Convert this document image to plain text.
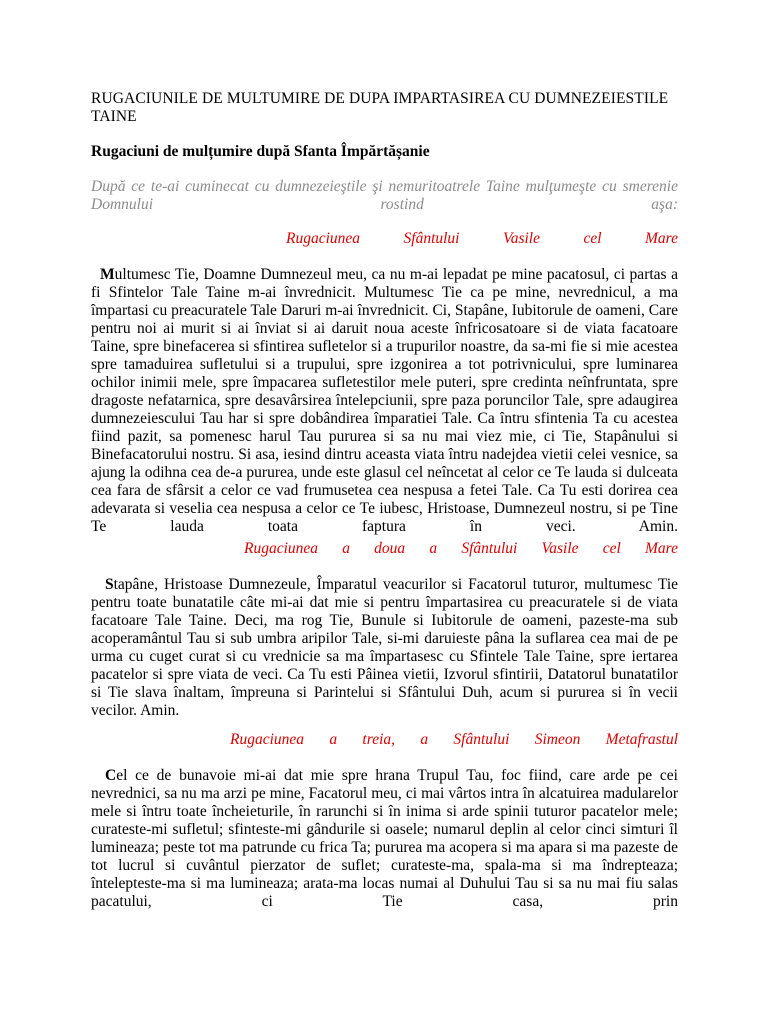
RUGACIUNILE DE MULTUMIRE DE DUPA IMPARTASIREA CU DUMNEZEIESTILE TAINE
Rugaciuni de mulțumire după Sfanta Împărtășanie

După ce te-ai cuminecat cu dumnezeieştile şi nemuritoatrele Taine mulţumeşte cu smerenie Domnului rostind aşa:

Rugaciunea Sfântului Vasile cel Mare

Multumesc Tie, Doamne Dumnezeul meu, ca nu m-ai lepadat pe mine pacatosul, ci partas a fi Sfintelor Tale Taine m-ai învrednicit. Multumesc Tie ca pe mine, nevrednicul, a ma împartasi cu preacuratele Tale Daruri m-ai învrednicit. Ci, Stapâne, Iubitorule de oameni, Care pentru noi ai murit si ai înviat si ai daruit noua aceste înfricosatoare si de viata facatoare Taine, spre binefacerea si sfintirea sufletelor si a trupurilor noastre, da sa-mi fie si mie acestea spre tamaduirea sufletului si a trupului, spre izgonirea a tot potrivnicului, spre luminarea ochilor inimii mele, spre împacarea sufletestilor mele puteri, spre credinta neînfruntata, spre dragoste nefatarnica, spre desavârsirea întelepciunii, spre paza poruncilor Tale, spre adaugirea dumnezeiescului Tau har si spre dobândirea împaratiei Tale. Ca întru sfintenia Ta cu acestea fiind pazit, sa pomenesc harul Tau pururea si sa nu mai viez mie, ci Tie, Stapânului si Binefacatorului nostru. Si asa, iesind dintru aceasta viata întru nadejdea vietii celei vesnice, sa ajung la odihna cea de-a pururea, unde este glasul cel neîncetat al celor ce Te lauda si dulceata cea fara de sfârsit a celor ce vad frumusetea cea nespusa a fetei Tale. Ca Tu esti dorirea cea adevarata si veselia cea nespusa a celor ce Te iubesc, Hristoase, Dumnezeul nostru, si pe Tine Te lauda toata faptura în veci. Amin.

Rugaciunea a doua a Sfântului Vasile cel Mare

Stapâne, Hristoase Dumnezeule, Împaratul veacurilor si Facatorul tuturor, multumesc Tie pentru toate bunatatile câte mi-ai dat mie si pentru împartasirea cu preacuratele si de viata facatoare Tale Taine. Deci, ma rog Tie, Bunule si Iubitorule de oameni, pazeste-ma sub acoperamântul Tau si sub umbra aripilor Tale, si-mi daruieste pâna la suflarea cea mai de pe urma cu cuget curat si cu vrednicie sa ma împartasesc cu Sfintele Tale Taine, spre iertarea pacatelor si spre viata de veci. Ca Tu esti Pâinea vietii, Izvorul sfintirii, Datatorul bunatatilor si Tie slava înaltam, împreuna si Parintelui si Sfântului Duh, acum si pururea si în vecii vecilor. Amin.

Rugaciunea a treia, a Sfântului Simeon Metafrastul

Cel ce de bunavoie mi-ai dat mie spre hrana Trupul Tau, foc fiind, care arde pe cei nevrednici, sa nu ma arzi pe mine, Facatorul meu, ci mai vârtos intra în alcatuirea madularelor mele si întru toate încheieturile, în rarunchi si în inima si arde spinii tuturor pacatelor mele; curateste-mi sufletul; sfinteste-mi gândurile si oasele; numarul deplin al celor cinci simturi îl lumineaza; peste tot ma patrunde cu frica Ta; pururea ma acopera si ma apara si ma pazeste de tot lucrul si cuvântul pierzator de suflet; curateste-ma, spala-ma si ma îndrepteaza; întelepteste-ma si ma lumineaza; arata-ma locas numai al Duhului Tau si sa nu mai fiu salas pacatului, ci Tie casa, prin
